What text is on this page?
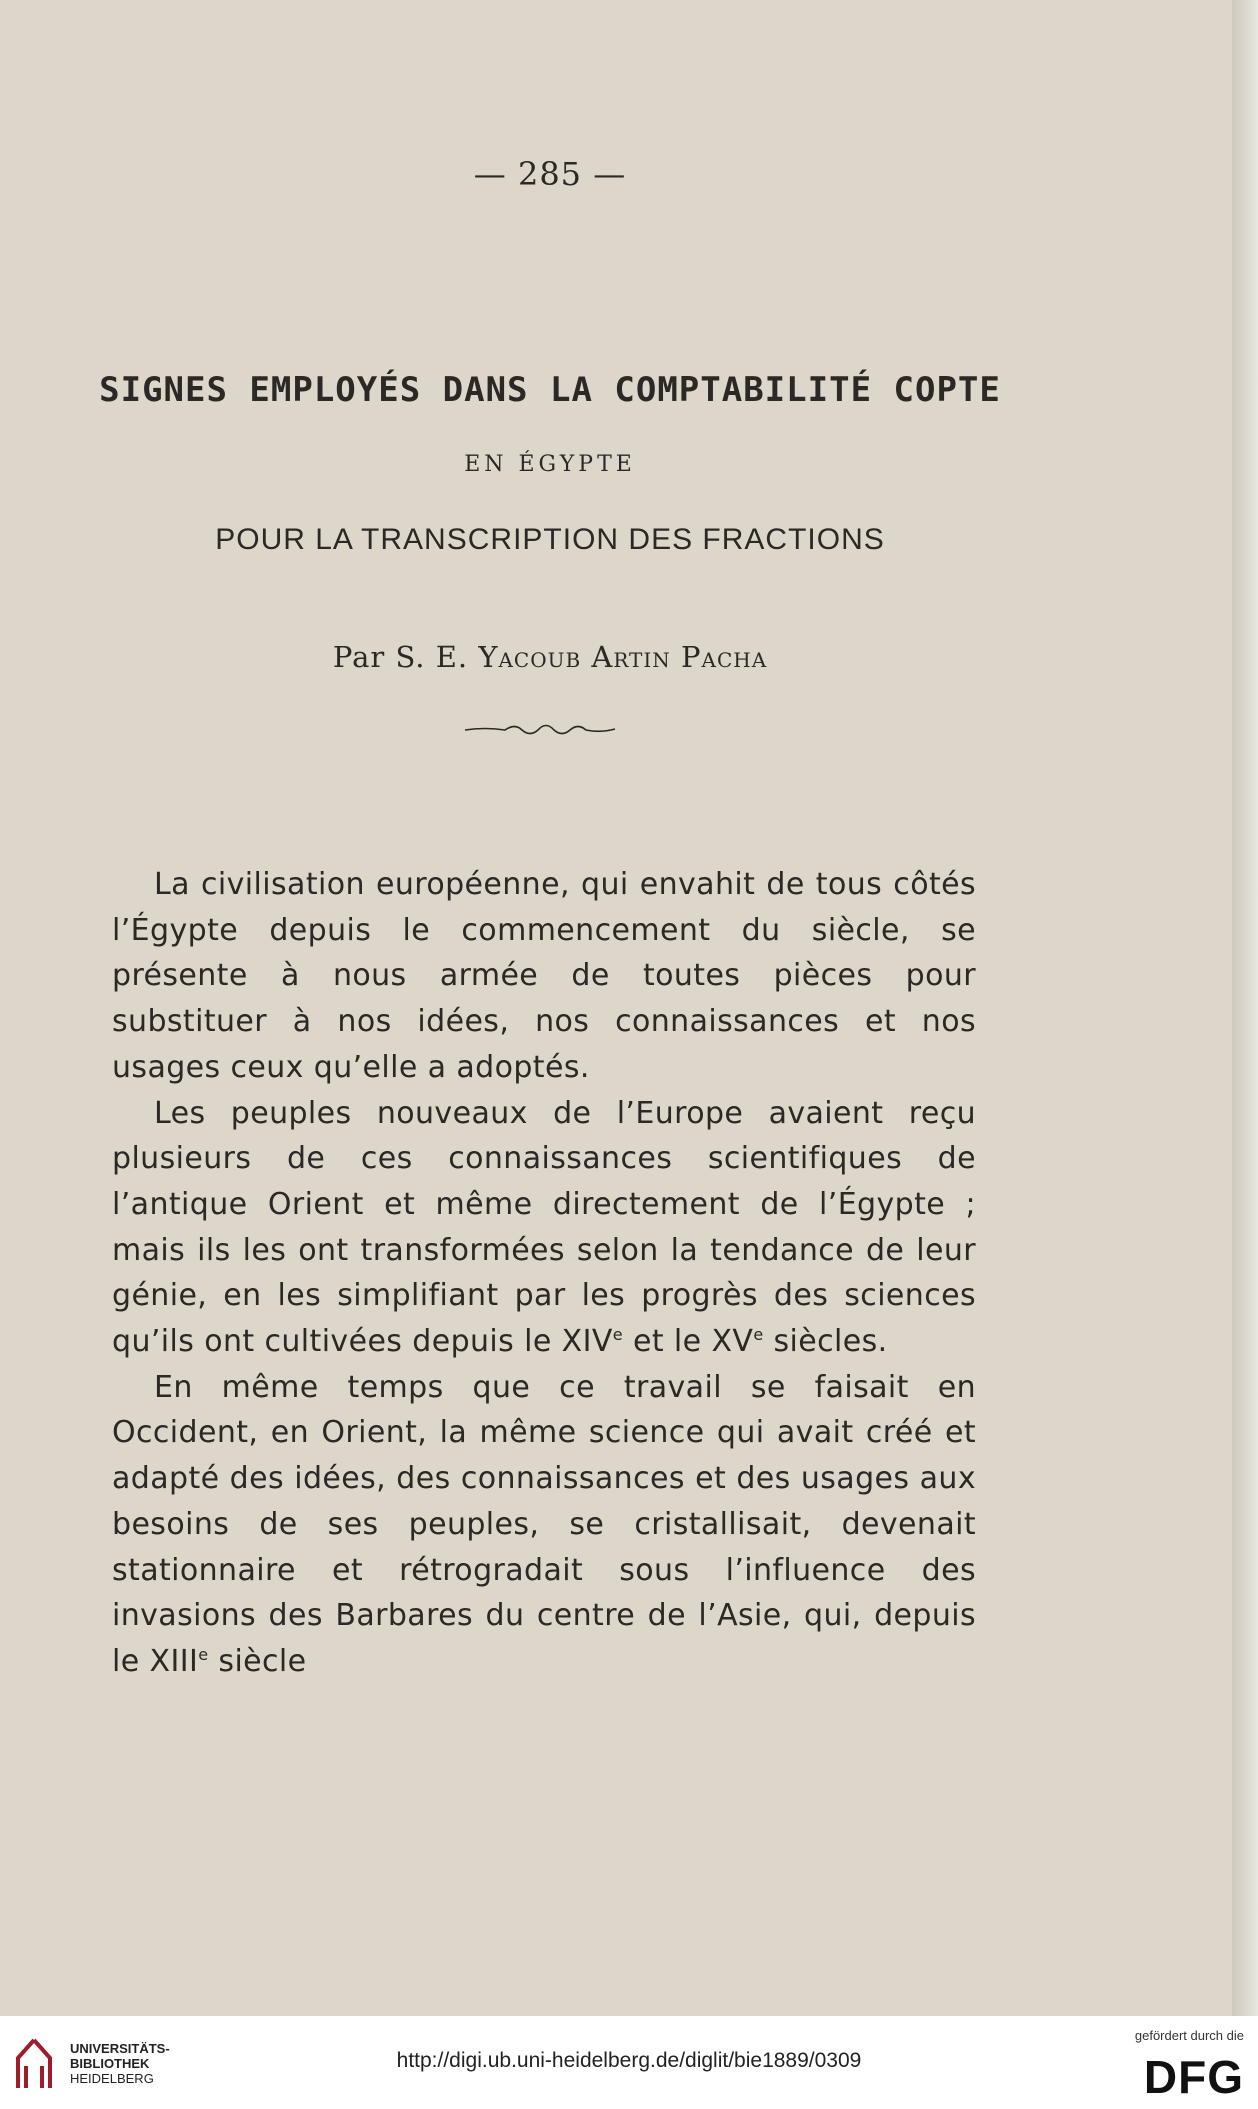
— 285 —
SIGNES EMPLOYÉS DANS LA COMPTABILITÉ COPTE
EN ÉGYPTE
POUR LA TRANSCRIPTION DES FRACTIONS
Par S. E. Yacoub Artin Pacha

La civilisation européenne, qui envahit de tous côtés l’Égypte depuis le commencement du siècle, se présente à nous armée de toutes pièces pour substituer à nos idées, nos connaissances et nos usages ceux qu’elle a adoptés.

Les peuples nouveaux de l’Europe avaient reçu plusieurs de ces connaissances scientifiques de l’antique Orient et même directement de l’Égypte ; mais ils les ont transformées selon la tendance de leur génie, en les simplifiant par les progrès des sciences qu’ils ont cultivées depuis le XIVe et le XVe siècles.

En même temps que ce travail se faisait en Occident, en Orient, la même science qui avait créé et adapté des idées, des connaissances et des usages aux besoins de ses peuples, se cristallisait, devenait stationnaire et rétrogradait sous l’influence des invasions des Barbares du centre de l’Asie, qui, depuis le XIIIe siècle

UNIVERSITÄTS-
BIBLIOTHEK
HEIDELBERG
http://digi.ub.uni-heidelberg.de/diglit/bie1889/0309
gefördert durch die
DFG
